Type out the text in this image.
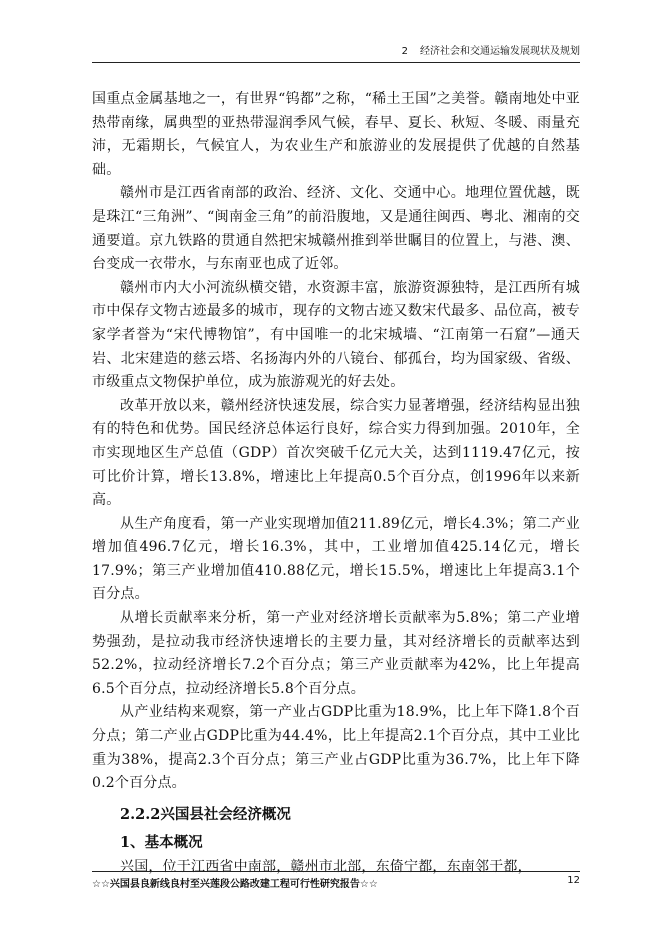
2 经济社会和交通运输发展现状及规划

国重点金属基地之一，有世界“钨都”之称，“稀土王国”之美誉。赣南地处中亚热带南缘，属典型的亚热带湿润季风气候，春早、夏长、秋短、冬暖、雨量充沛，无霜期长，气候宜人，为农业生产和旅游业的发展提供了优越的自然基础。

赣州市是江西省南部的政治、经济、文化、交通中心。地理位置优越，既是珠江“三角洲”、“闽南金三角”的前沿腹地，又是通往闽西、粤北、湘南的交通要道。京九铁路的贯通自然把宋城赣州推到举世瞩目的位置上，与港、澳、台变成一衣带水，与东南亚也成了近邻。

赣州市内大小河流纵横交错，水资源丰富，旅游资源独特，是江西所有城市中保存文物古迹最多的城市，现存的文物古迹又数宋代最多、品位高，被专家学者誉为“宋代博物馆”，有中国唯一的北宋城墙、“江南第一石窟”—通天岩、北宋建造的慈云塔、名扬海内外的八镜台、郁孤台，均为国家级、省级、市级重点文物保护单位，成为旅游观光的好去处。

改革开放以来，赣州经济快速发展，综合实力显著增强，经济结构显出独有的特色和优势。国民经济总体运行良好，综合实力得到加强。2010年，全市实现地区生产总值（GDP）首次突破千亿元大关，达到1119.47亿元，按可比价计算，增长13.8%，增速比上年提高0.5个百分点，创1996年以来新高。

从生产角度看，第一产业实现增加值211.89亿元，增长4.3%；第二产业增加值496.7亿元，增长16.3%，其中，工业增加值425.14亿元，增长17.9%；第三产业增加值410.88亿元，增长15.5%，增速比上年提高3.1个百分点。

从增长贡献率来分析，第一产业对经济增长贡献率为5.8%；第二产业增势强劲，是拉动我市经济快速增长的主要力量，其对经济增长的贡献率达到52.2%，拉动经济增长7.2个百分点；第三产业贡献率为42%，比上年提高6.5个百分点，拉动经济增长5.8个百分点。

从产业结构来观察，第一产业占GDP比重为18.9%，比上年下降1.8个百分点；第二产业占GDP比重为44.4%，比上年提高2.1个百分点，其中工业比重为38%，提高2.3个百分点；第三产业占GDP比重为36.7%，比上年下降0.2个百分点。

2.2.2兴国县社会经济概况
1、基本概况

兴国，位于江西省中南部，赣州市北部，东倚宁都，东南邻于都，

☆☆兴国县良新线良村至兴莲段公路改建工程可行性研究报告☆☆	12
